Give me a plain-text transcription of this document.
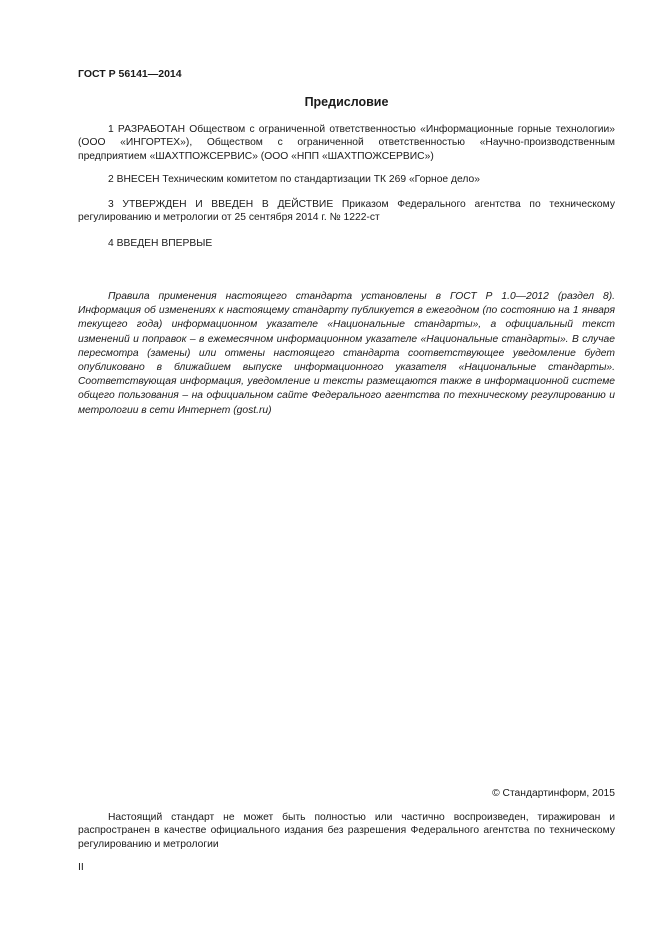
ГОСТ Р 56141—2014
Предисловие

1 РАЗРАБОТАН Обществом с ограниченной ответственностью «Информационные горные технологии» (ООО «ИНГОРТЕХ»), Обществом с ограниченной ответственностью «Научно-производственным предприятием «ШАХТПОЖСЕРВИС» (ООО «НПП «ШАХТПОЖСЕРВИС»)

2 ВНЕСЕН Техническим комитетом по стандартизации ТК 269 «Горное дело»

3 УТВЕРЖДЕН И ВВЕДЕН В ДЕЙСТВИЕ Приказом Федерального агентства по техническому регулированию и метрологии от 25 сентября 2014 г. № 1222-ст

4 ВВЕДЕН ВПЕРВЫЕ

Правила применения настоящего стандарта установлены в ГОСТ Р 1.0—2012 (раздел 8). Информация об изменениях к настоящему стандарту публикуется в ежегодном (по состоянию на 1 января текущего года) информационном указателе «Национальные стандарты», а официальный текст изменений и поправок – в ежемесячном информационном указателе «Национальные стандарты». В случае пересмотра (замены) или отмены настоящего стандарта соответствующее уведомление будет опубликовано в ближайшем выпуске информационного указателя «Национальные стандарты». Соответствующая информация, уведомление и тексты размещаются также в информационной системе общего пользования – на официальном сайте Федерального агентства по техническому регулированию и метрологии в сети Интернет (gost.ru)

© Стандартинформ, 2015

Настоящий стандарт не может быть полностью или частично воспроизведен, тиражирован и распространен в качестве официального издания без разрешения Федерального агентства по техническому регулированию и метрологии

II
